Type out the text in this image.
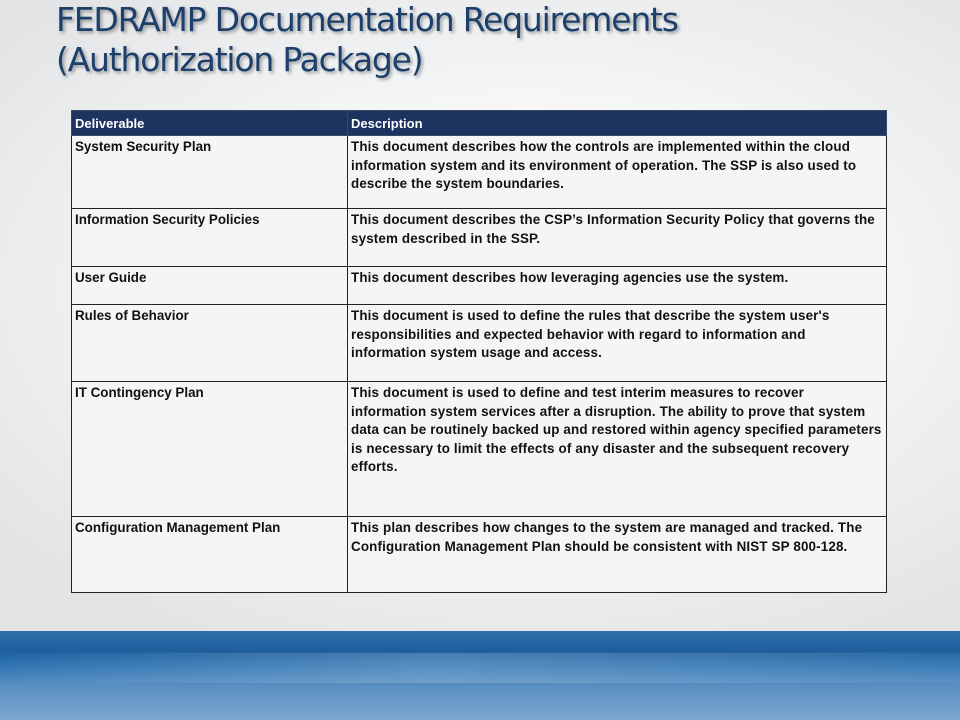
FEDRAMP Documentation Requirements
(Authorization Package)
Deliverable	Description
System Security Plan	This document describes how the controls are implemented within the cloud information system and its environment of operation. The SSP is also used to describe the system boundaries.
Information Security Policies	This document describes the CSP’s Information Security Policy that governs the system described in the SSP.
User Guide	This document describes how leveraging agencies use the system.
Rules of Behavior	This document is used to define the rules that describe the system user's responsibilities and expected behavior with regard to information and information system usage and access.
IT Contingency Plan	This document is used to define and test interim measures to recover information system services after a disruption. The ability to prove that system data can be routinely backed up and restored within agency specified parameters is necessary to limit the effects of any disaster and the subsequent recovery efforts.
Configuration Management Plan	This plan describes how changes to the system are managed and tracked. The Configuration Management Plan should be consistent with NIST SP 800-128.
